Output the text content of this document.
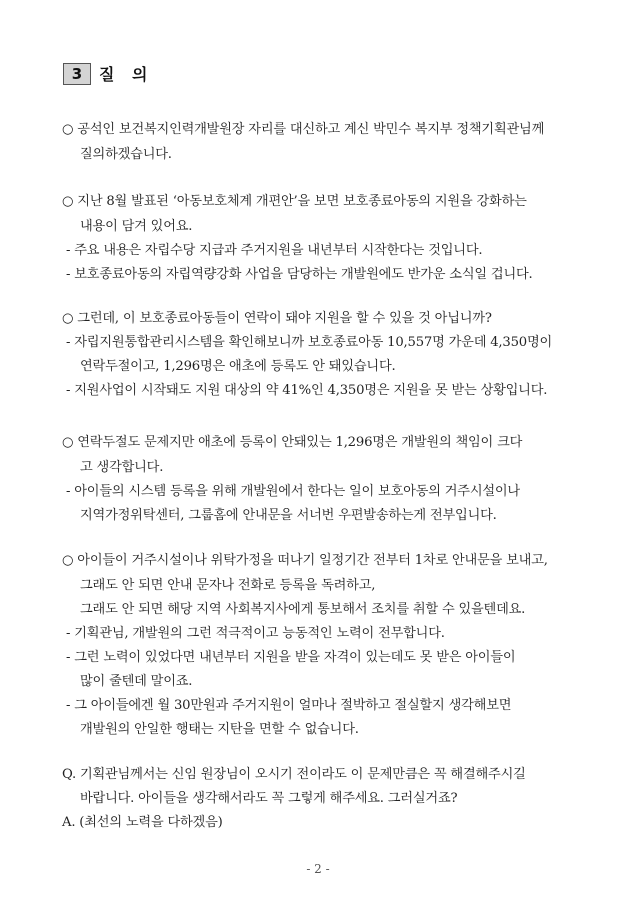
3	질 의
○ 공석인 보건복지인력개발원장 자리를 대신하고 계신 박민수 복지부 정책기획관님께
질의하겠습니다.
○ 지난 8월 발표된 ‘아동보호체계 개편안’을 보면 보호종료아동의 지원을 강화하는
내용이 담겨 있어요.
- 주요 내용은 자립수당 지급과 주거지원을 내년부터 시작한다는 것입니다.
- 보호종료아동의 자립역량강화 사업을 담당하는 개발원에도 반가운 소식일 겁니다.
○ 그런데, 이 보호종료아동들이 연락이 돼야 지원을 할 수 있을 것 아닙니까?
- 자립지원통합관리시스템을 확인해보니까 보호종료아동 10,557명 가운데 4,350명이
연락두절이고, 1,296명은 애초에 등록도 안 돼있습니다.
- 지원사업이 시작돼도 지원 대상의 약 41%인 4,350명은 지원을 못 받는 상황입니다.
○ 연락두절도 문제지만 애초에 등록이 안돼있는 1,296명은 개발원의 책임이 크다
고 생각합니다.
- 아이들의 시스템 등록을 위해 개발원에서 한다는 일이 보호아동의 거주시설이나
지역가정위탁센터, 그룹홈에 안내문을 서너번 우편발송하는게 전부입니다.
○ 아이들이 거주시설이나 위탁가정을 떠나기 일정기간 전부터 1차로 안내문을 보내고,
그래도 안 되면 안내 문자나 전화로 등록을 독려하고,
그래도 안 되면 해당 지역 사회복지사에게 통보해서 조치를 취할 수 있을텐데요.
- 기획관님, 개발원의 그런 적극적이고 능동적인 노력이 전무합니다.
- 그런 노력이 있었다면 내년부터 지원을 받을 자격이 있는데도 못 받은 아이들이
많이 줄텐데 말이죠.
- 그 아이들에겐 월 30만원과 주거지원이 얼마나 절박하고 절실할지 생각해보면
개발원의 안일한 행태는 지탄을 면할 수 없습니다.
Q. 기획관님께서는 신임 원장님이 오시기 전이라도 이 문제만큼은 꼭 해결해주시길
바랍니다. 아이들을 생각해서라도 꼭 그렇게 해주세요. 그러실거죠?
A. (최선의 노력을 다하겠음)
- 2 -
